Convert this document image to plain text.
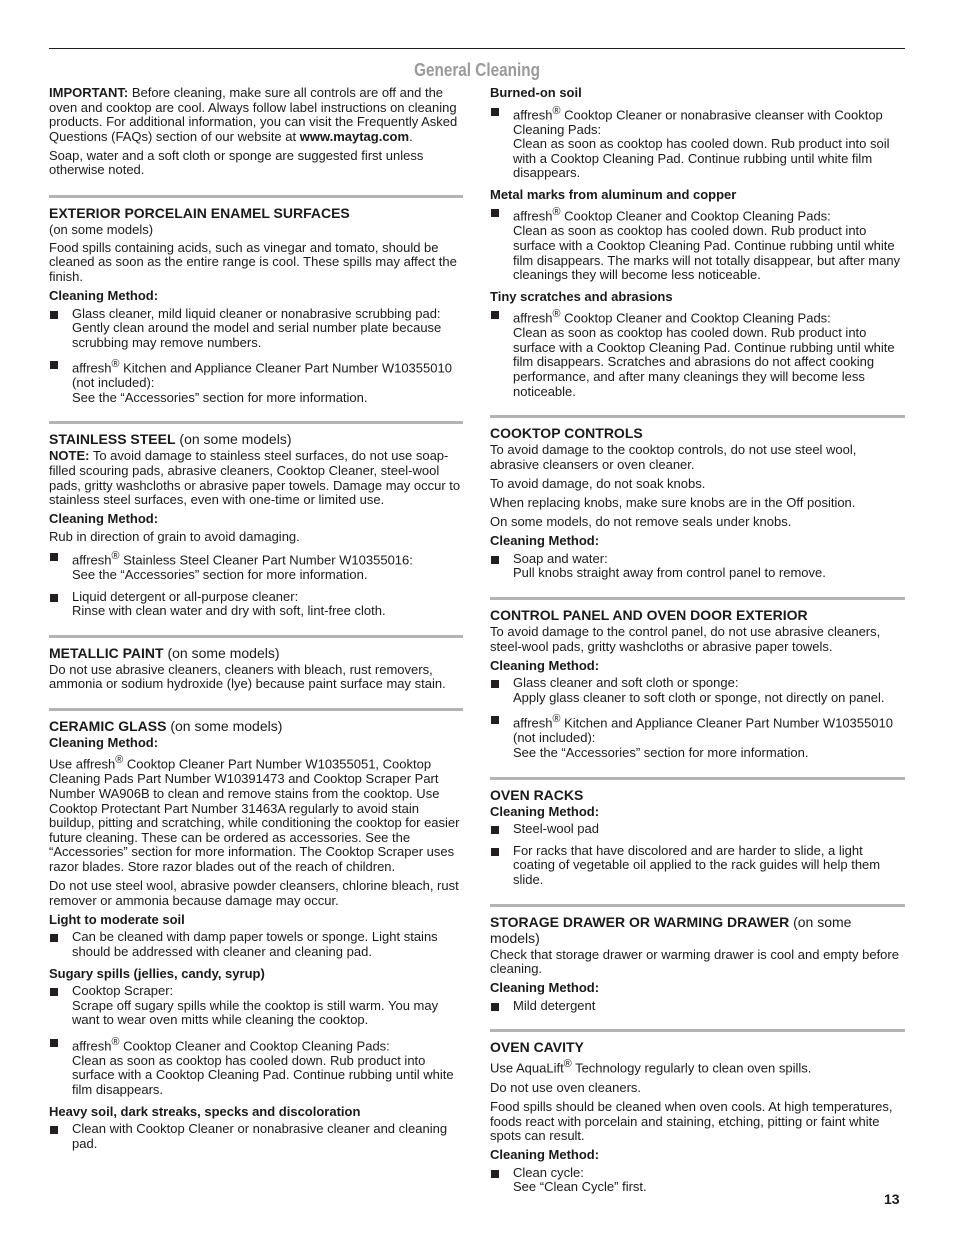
General Cleaning

IMPORTANT: Before cleaning, make sure all controls are off and the oven and cooktop are cool. Always follow label instructions on cleaning products. For additional information, you can visit the Frequently Asked Questions (FAQs) section of our website at www.maytag.com.

Soap, water and a soft cloth or sponge are suggested first unless otherwise noted.

EXTERIOR PORCELAIN ENAMEL SURFACES

(on some models)

Food spills containing acids, such as vinegar and tomato, should be cleaned as soon as the entire range is cool. These spills may affect the finish.

Cleaning Method:
Glass cleaner, mild liquid cleaner or nonabrasive scrubbing pad:
Gently clean around the model and serial number plate because scrubbing may remove numbers.
affresh® Kitchen and Appliance Cleaner Part Number W10355010 (not included):
See the “Accessories” section for more information.
STAINLESS STEEL (on some models)

NOTE: To avoid damage to stainless steel surfaces, do not use soap-filled scouring pads, abrasive cleaners, Cooktop Cleaner, steel-wool pads, gritty washcloths or abrasive paper towels. Damage may occur to stainless steel surfaces, even with one-time or limited use.

Cleaning Method:

Rub in direction of grain to avoid damaging.

affresh® Stainless Steel Cleaner Part Number W10355016:
See the “Accessories” section for more information.
Liquid detergent or all-purpose cleaner:
Rinse with clean water and dry with soft, lint-free cloth.
METALLIC PAINT (on some models)

Do not use abrasive cleaners, cleaners with bleach, rust removers, ammonia or sodium hydroxide (lye) because paint surface may stain.

CERAMIC GLASS (on some models)
Cleaning Method:

Use affresh® Cooktop Cleaner Part Number W10355051, Cooktop Cleaning Pads Part Number W10391473 and Cooktop Scraper Part Number WA906B to clean and remove stains from the cooktop. Use Cooktop Protectant Part Number 31463A regularly to avoid stain buildup, pitting and scratching, while conditioning the cooktop for easier future cleaning. These can be ordered as accessories. See the “Accessories” section for more information. The Cooktop Scraper uses razor blades. Store razor blades out of the reach of children.

Do not use steel wool, abrasive powder cleansers, chlorine bleach, rust remover or ammonia because damage may occur.

Light to moderate soil
Can be cleaned with damp paper towels or sponge. Light stains should be addressed with cleaner and cleaning pad.
Sugary spills (jellies, candy, syrup)
Cooktop Scraper:
Scrape off sugary spills while the cooktop is still warm. You may want to wear oven mitts while cleaning the cooktop.
affresh® Cooktop Cleaner and Cooktop Cleaning Pads:
Clean as soon as cooktop has cooled down. Rub product into surface with a Cooktop Cleaning Pad. Continue rubbing until white film disappears.
Heavy soil, dark streaks, specks and discoloration
Clean with Cooktop Cleaner or nonabrasive cleaner and cleaning pad.
Burned-on soil
affresh® Cooktop Cleaner or nonabrasive cleanser with Cooktop Cleaning Pads:
Clean as soon as cooktop has cooled down. Rub product into soil with a Cooktop Cleaning Pad. Continue rubbing until white film disappears.
Metal marks from aluminum and copper
affresh® Cooktop Cleaner and Cooktop Cleaning Pads:
Clean as soon as cooktop has cooled down. Rub product into surface with a Cooktop Cleaning Pad. Continue rubbing until white film disappears. The marks will not totally disappear, but after many cleanings they will become less noticeable.
Tiny scratches and abrasions
affresh® Cooktop Cleaner and Cooktop Cleaning Pads:
Clean as soon as cooktop has cooled down. Rub product into surface with a Cooktop Cleaning Pad. Continue rubbing until white film disappears. Scratches and abrasions do not affect cooking performance, and after many cleanings they will become less noticeable.
COOKTOP CONTROLS

To avoid damage to the cooktop controls, do not use steel wool, abrasive cleansers or oven cleaner.

To avoid damage, do not soak knobs.

When replacing knobs, make sure knobs are in the Off position.

On some models, do not remove seals under knobs.

Cleaning Method:
Soap and water:
Pull knobs straight away from control panel to remove.
CONTROL PANEL AND OVEN DOOR EXTERIOR

To avoid damage to the control panel, do not use abrasive cleaners, steel-wool pads, gritty washcloths or abrasive paper towels.

Cleaning Method:
Glass cleaner and soft cloth or sponge:
Apply glass cleaner to soft cloth or sponge, not directly on panel.
affresh® Kitchen and Appliance Cleaner Part Number W10355010 (not included):
See the “Accessories” section for more information.
OVEN RACKS
Cleaning Method:
Steel-wool pad
For racks that have discolored and are harder to slide, a light coating of vegetable oil applied to the rack guides will help them slide.
STORAGE DRAWER OR WARMING DRAWER (on some models)

Check that storage drawer or warming drawer is cool and empty before cleaning.

Cleaning Method:
Mild detergent
OVEN CAVITY

Use AquaLift® Technology regularly to clean oven spills.

Do not use oven cleaners.

Food spills should be cleaned when oven cools. At high temperatures, foods react with porcelain and staining, etching, pitting or faint white spots can result.

Cleaning Method:
Clean cycle:
See “Clean Cycle” first.
13
